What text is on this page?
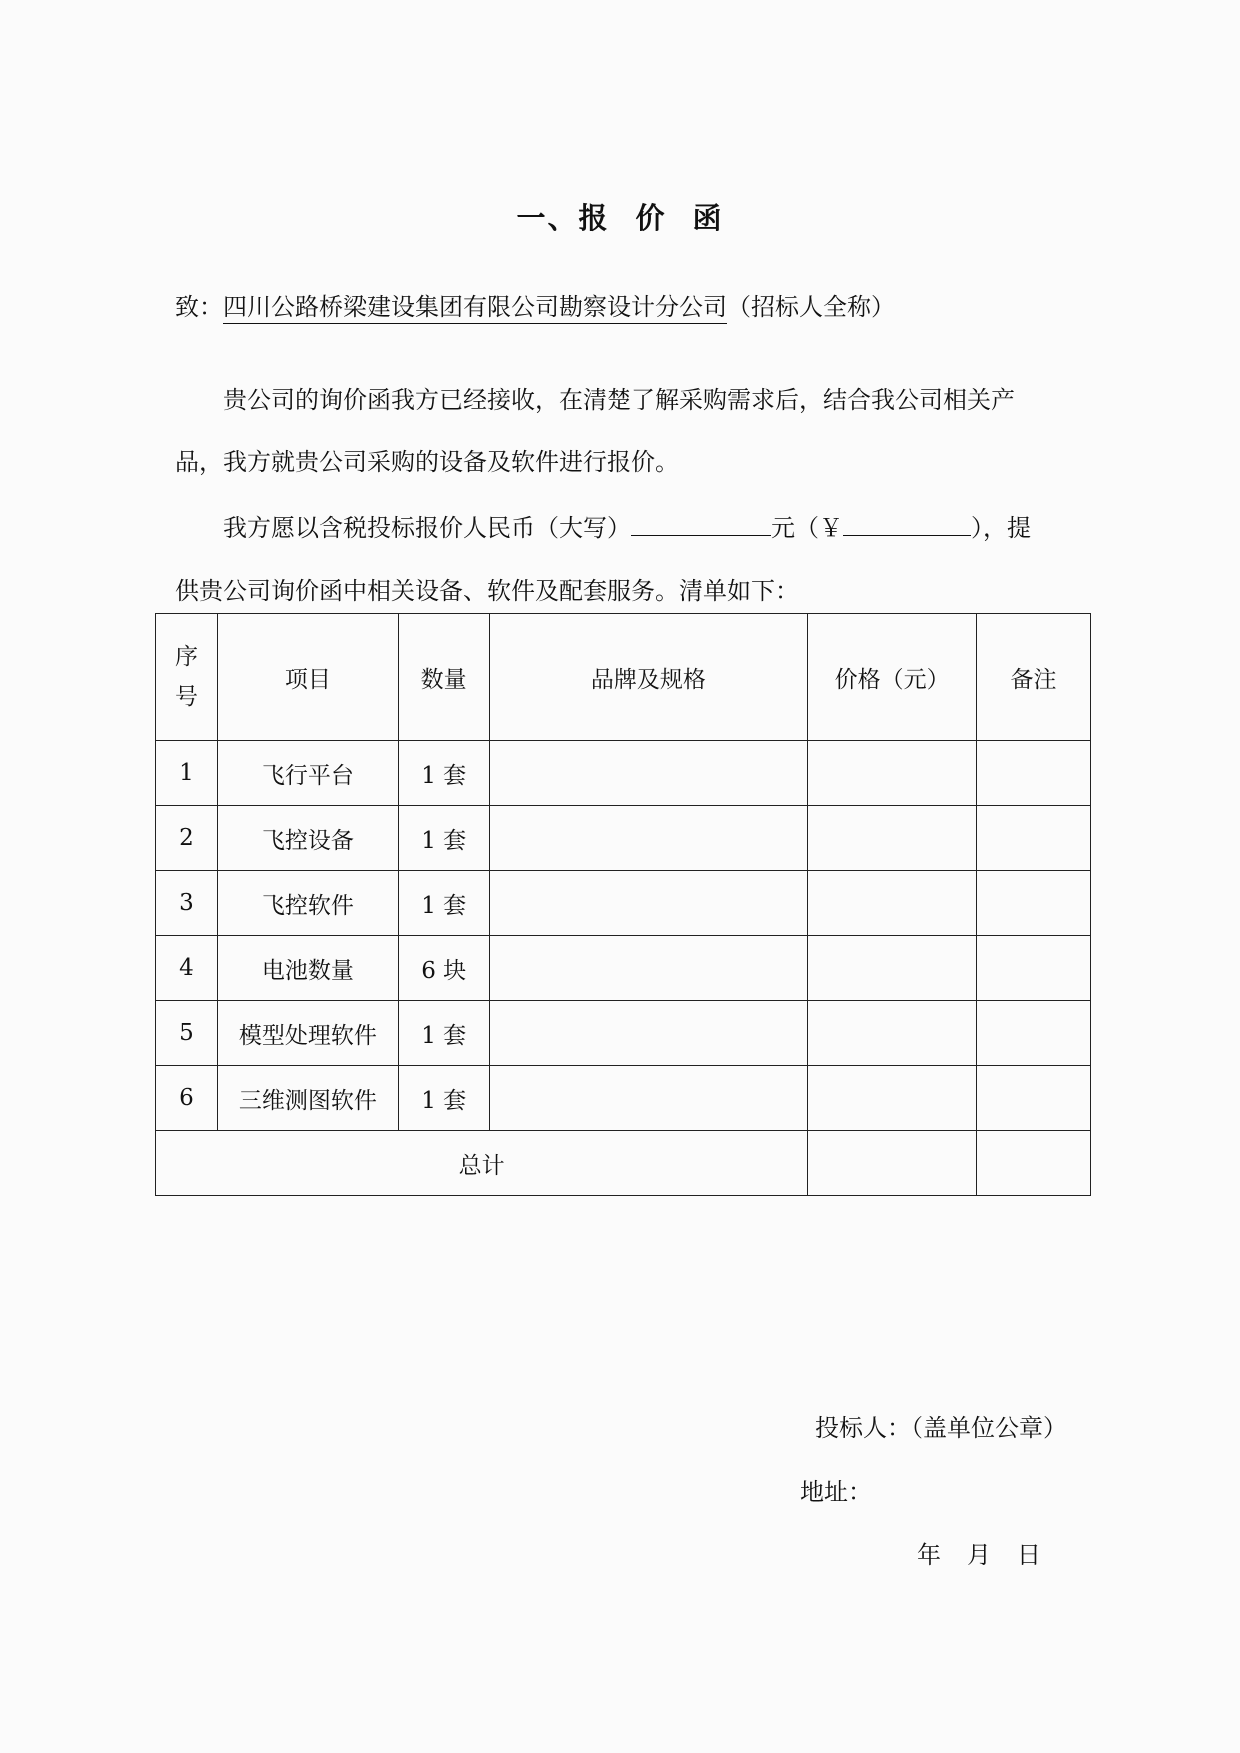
一、报 价 函
致：四川公路桥梁建设集团有限公司勘察设计分公司（招标人全称）
贵公司的询价函我方已经接收，在清楚了解采购需求后，结合我公司相关产
品，我方就贵公司采购的设备及软件进行报价。
我方愿以含税投标报价人民币（大写）	元（￥	），提
供贵公司询价函中相关设备、软件及配套服务。清单如下：
序
号	项目	数量	品牌及规格	价格（元）	备注
1	飞行平台	1 套			
2	飞控设备	1 套			
3	飞控软件	1 套			
4	电池数量	6 块			
5	模型处理软件	1 套			
6	三维测图软件	1 套			
总计					
投标人：（盖单位公章）
地址：
年 月 日
